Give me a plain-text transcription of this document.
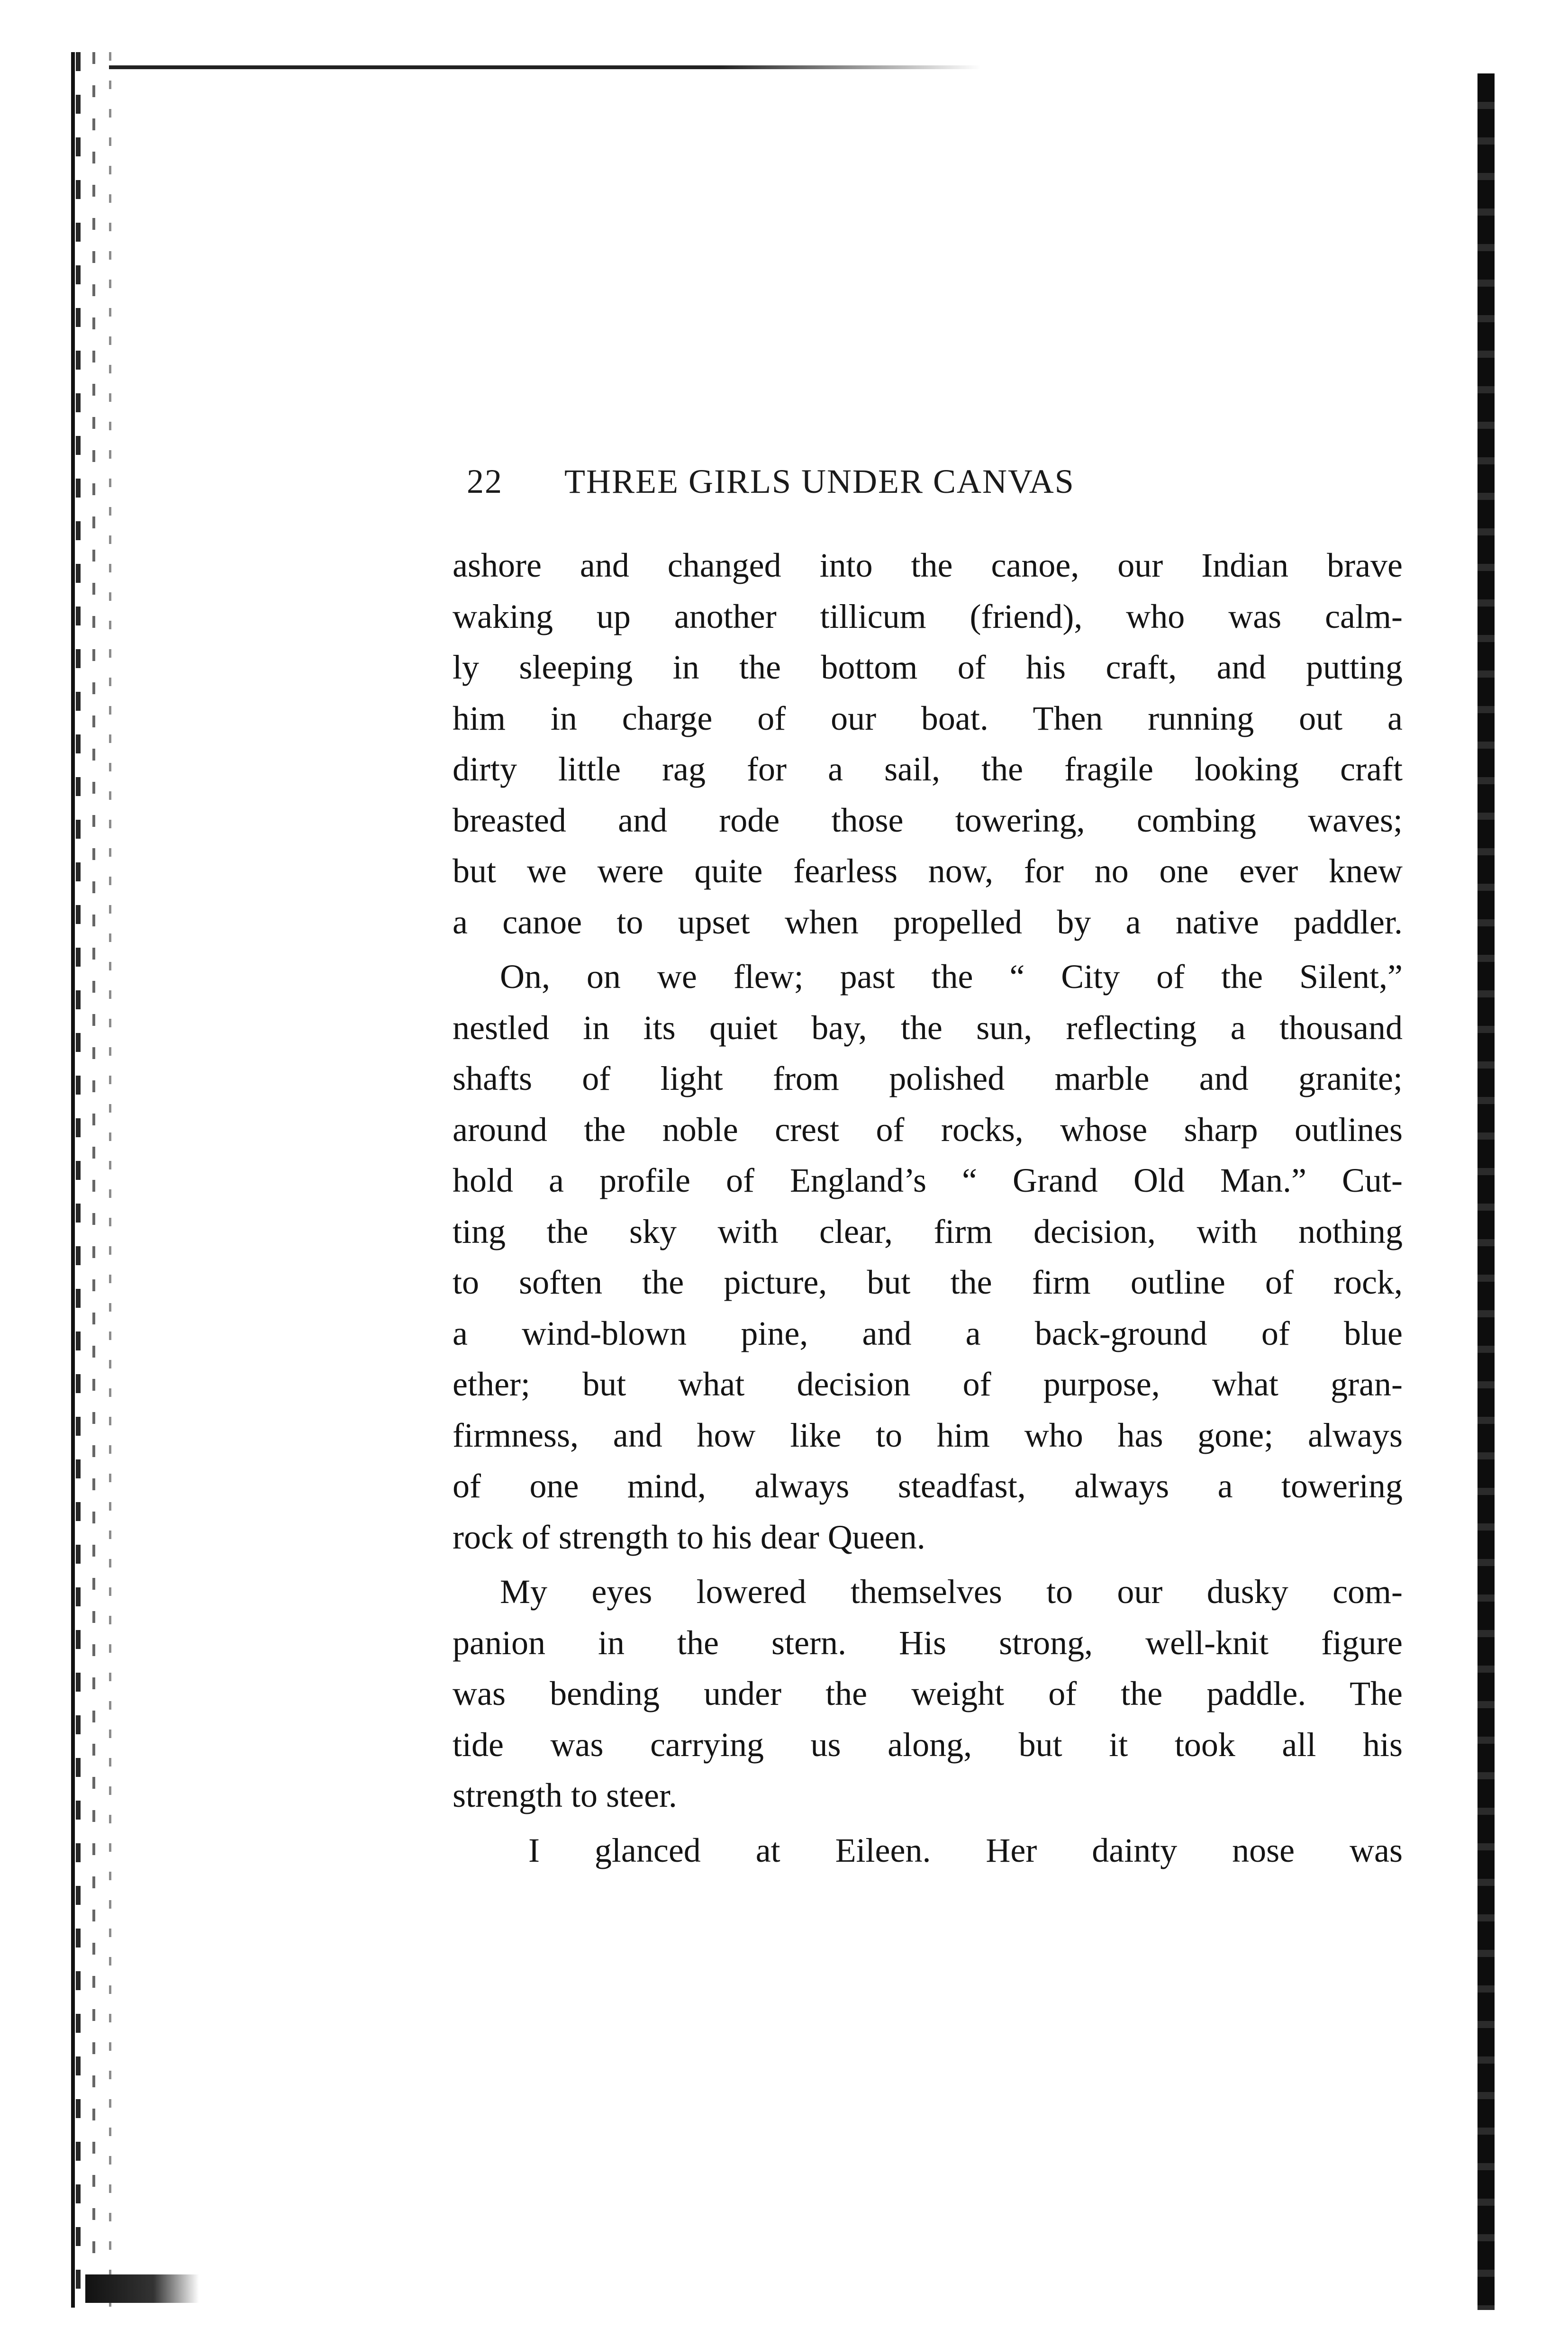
22 THREE GIRLS UNDER CANVAS
ashore and changed into the canoe, our Indian brave
waking up another tillicum (friend), who was calm-
ly sleeping in the bottom of his craft, and putting
him in charge of our boat. Then running out a
dirty little rag for a sail, the fragile looking craft
breasted and rode those towering, combing waves;
but we were quite fearless now, for no one ever knew
a canoe to upset when propelled by a native paddler.
On, on we flew; past the “ City of the Silent,”
nestled in its quiet bay, the sun, reflecting a thousand
shafts of light from polished marble and granite;
around the noble crest of rocks, whose sharp outlines
hold a profile of England’s “ Grand Old Man.” Cut-
ting the sky with clear, firm decision, with nothing
to soften the picture, but the firm outline of rock,
a wind-blown pine, and a back-ground of blue
ether; but what decision of purpose, what gran-
firmness, and how like to him who has gone; always
of one mind, always steadfast, always a towering
rock of strength to his dear Queen.
My eyes lowered themselves to our dusky com-
panion in the stern. His strong, well-knit figure
was bending under the weight of the paddle. The
tide was carrying us along, but it took all his
strength to steer.
I glanced at Eileen. Her dainty nose was
